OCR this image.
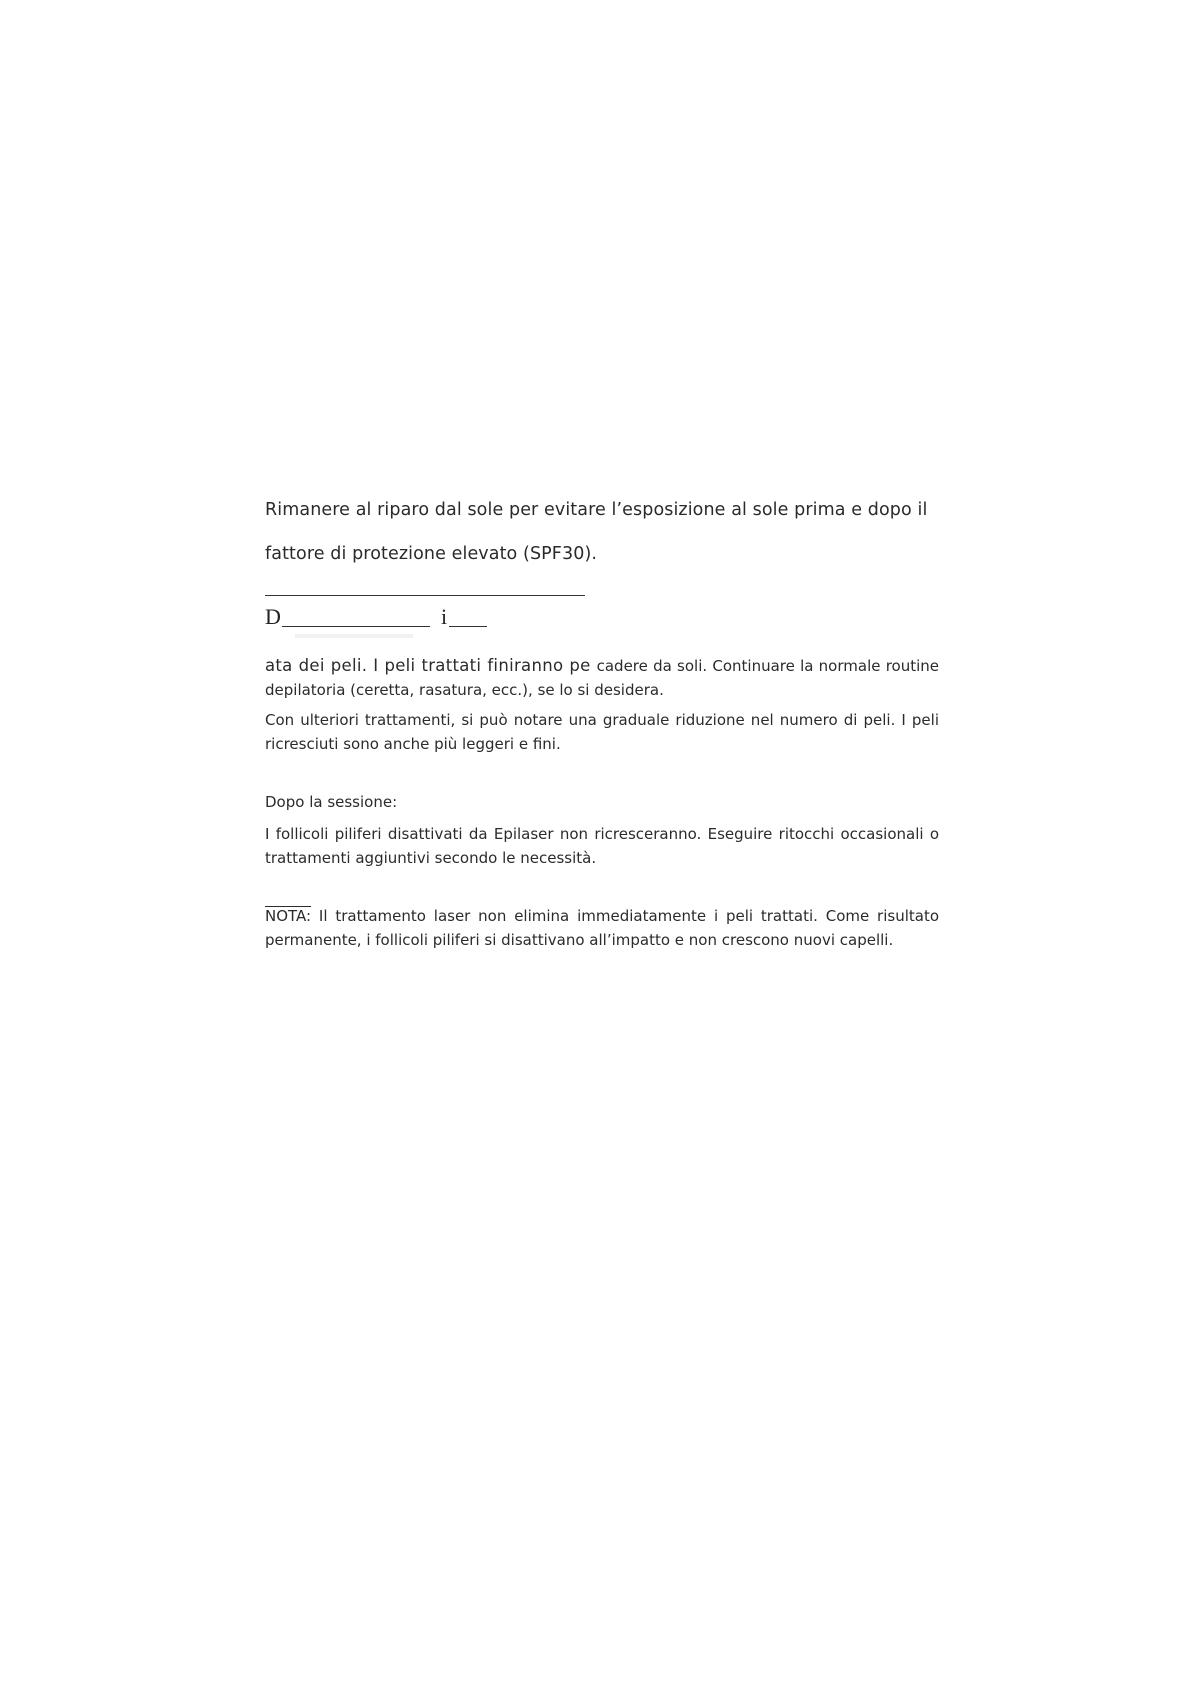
Rimanere al riparo dal sole per evitare l’esposizione al sole prima e dopo il

fattore di protezione elevato (SPF30).

D	i

ata dei peli. I peli trattati finiranno pe cadere da soli. Continuare la normale routine depilatoria (ceretta, rasatura, ecc.), se lo si desidera.

Con ulteriori trattamenti, si può notare una graduale riduzione nel numero di peli. I peli ricresciuti sono anche più leggeri e fini.

Dopo la sessione:

I follicoli piliferi disattivati da Epilaser non ricresceranno. Eseguire ritocchi occasionali o trattamenti aggiuntivi secondo le necessità.

NOTA: Il trattamento laser non elimina immediatamente i peli trattati. Come risultato permanente, i follicoli piliferi si disattivano all’impatto e non crescono nuovi capelli.
